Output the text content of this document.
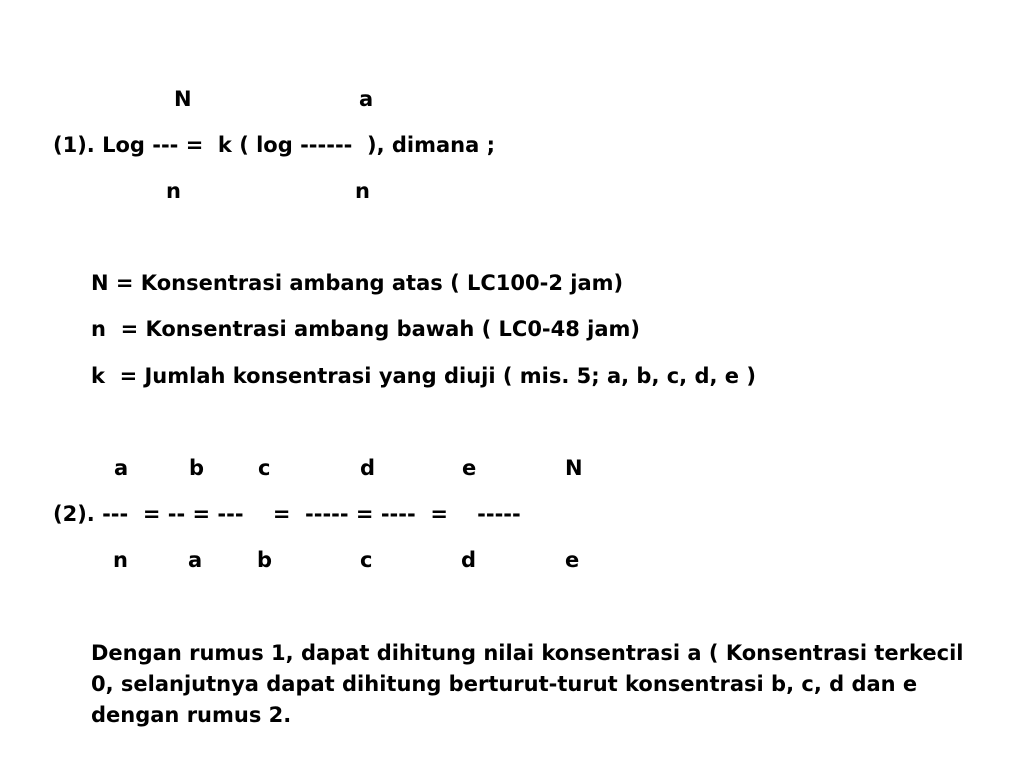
N	a
(1). Log --- =  k ( log ------  ), dimana ;
n	n
N = Konsentrasi ambang atas ( LC100-2 jam)
n  = Konsentrasi ambang bawah ( LC0-48 jam)
k  = Jumlah konsentrasi yang diuji ( mis. 5; a, b, c, d, e )
a	b	c	d	e	N
(2). ---  = -- = ---    =  ----- = ----  =    -----
n	a	b	c	d	e
Dengan rumus 1, dapat dihitung nilai konsentrasi a ( Konsentrasi terkecil 0, selanjutnya dapat dihitung berturut-turut konsentrasi b, c, d dan e dengan rumus 2.
